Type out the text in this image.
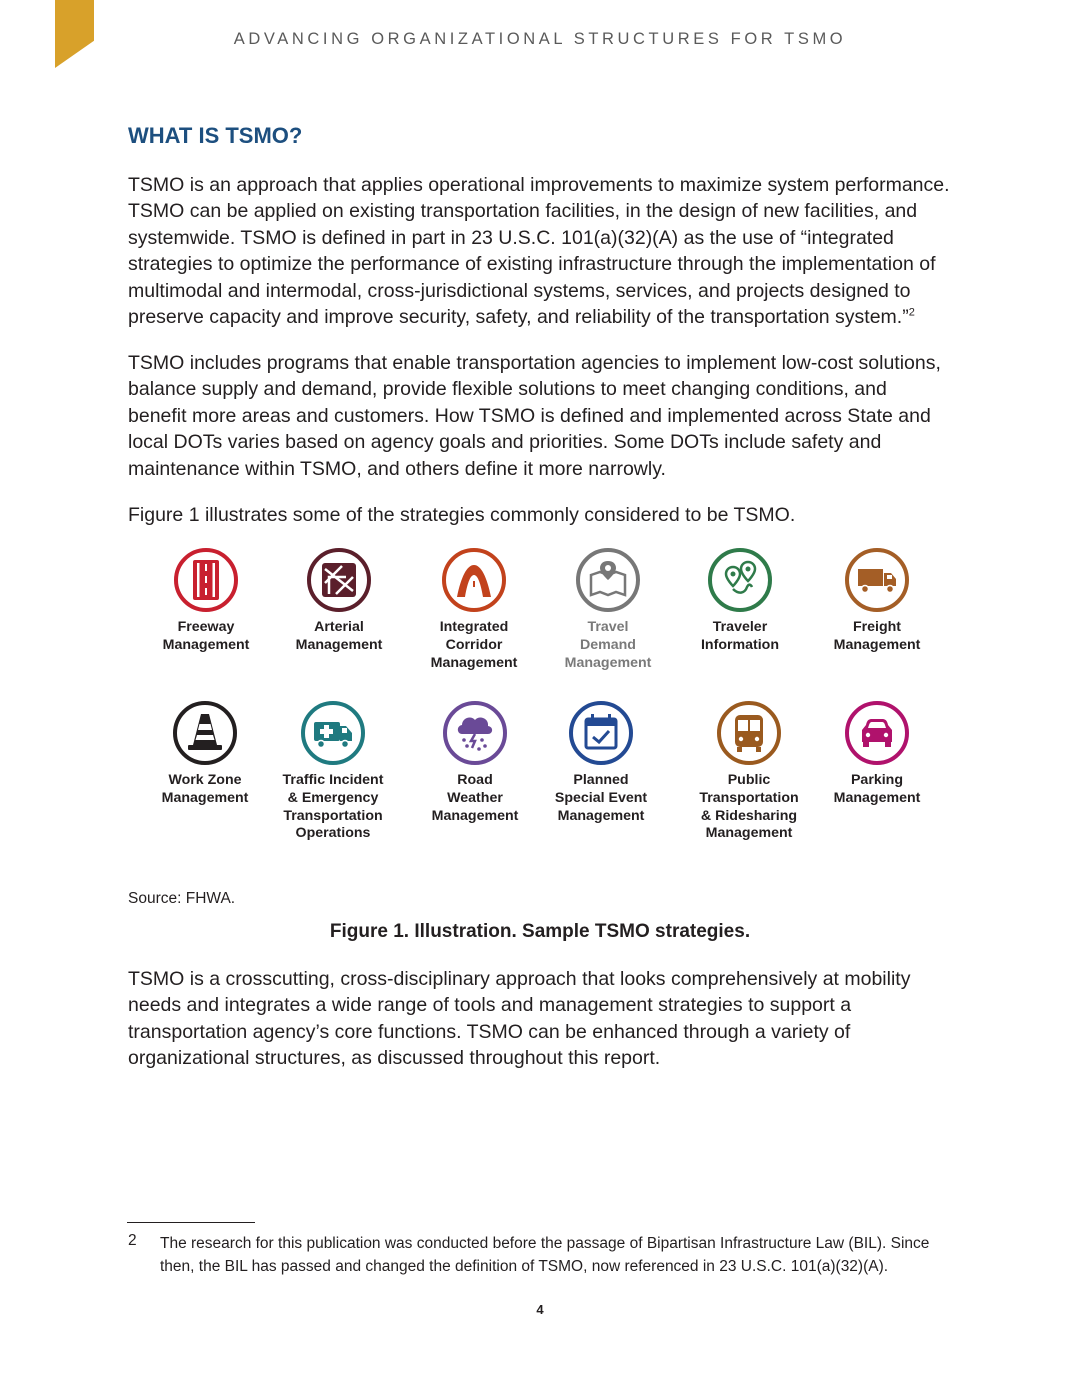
ADVANCING ORGANIZATIONAL STRUCTURES FOR TSMO
WHAT IS TSMO?

TSMO is an approach that applies operational improvements to maximize system performance. TSMO can be applied on existing transportation facilities, in the design of new facilities, and systemwide. TSMO is defined in part in 23 U.S.C. 101(a)(32)(A) as the use of “integrated strategies to optimize the performance of existing infrastructure through the implementation of multimodal and intermodal, cross-jurisdictional systems, services, and projects designed to preserve capacity and improve security, safety, and reliability of the transportation system.”$^2$

TSMO includes programs that enable transportation agencies to implement low-cost solutions, balance supply and demand, provide flexible solutions to meet changing conditions, and benefit more areas and customers. How TSMO is defined and implemented across State and local DOTs varies based on agency goals and priorities. Some DOTs include safety and maintenance within TSMO, and others define it more narrowly.

Figure 1 illustrates some of the strategies commonly considered to be TSMO.

Freeway
Management
Arterial
Management
Integrated
Corridor
Management
Travel
Demand
Management
Traveler
Information
Freight
Management
Work Zone
Management
Traffic Incident
& Emergency
Transportation
Operations
Road
Weather
Management
Planned
Special Event
Management
Public
Transportation
& Ridesharing
Management
Parking
Management

Source: FHWA.

Figure 1. Illustration. Sample TSMO strategies.

TSMO is a crosscutting, cross-disciplinary approach that looks comprehensively at mobility needs and integrates a wide range of tools and management strategies to support a transportation agency’s core functions. TSMO can be enhanced through a variety of organizational structures, as discussed throughout this report.

2 The research for this publication was conducted before the passage of Bipartisan Infrastructure Law (BIL). Since then, the BIL has passed and changed the definition of TSMO, now referenced in 23 U.S.C. 101(a)(32)(A).

4
